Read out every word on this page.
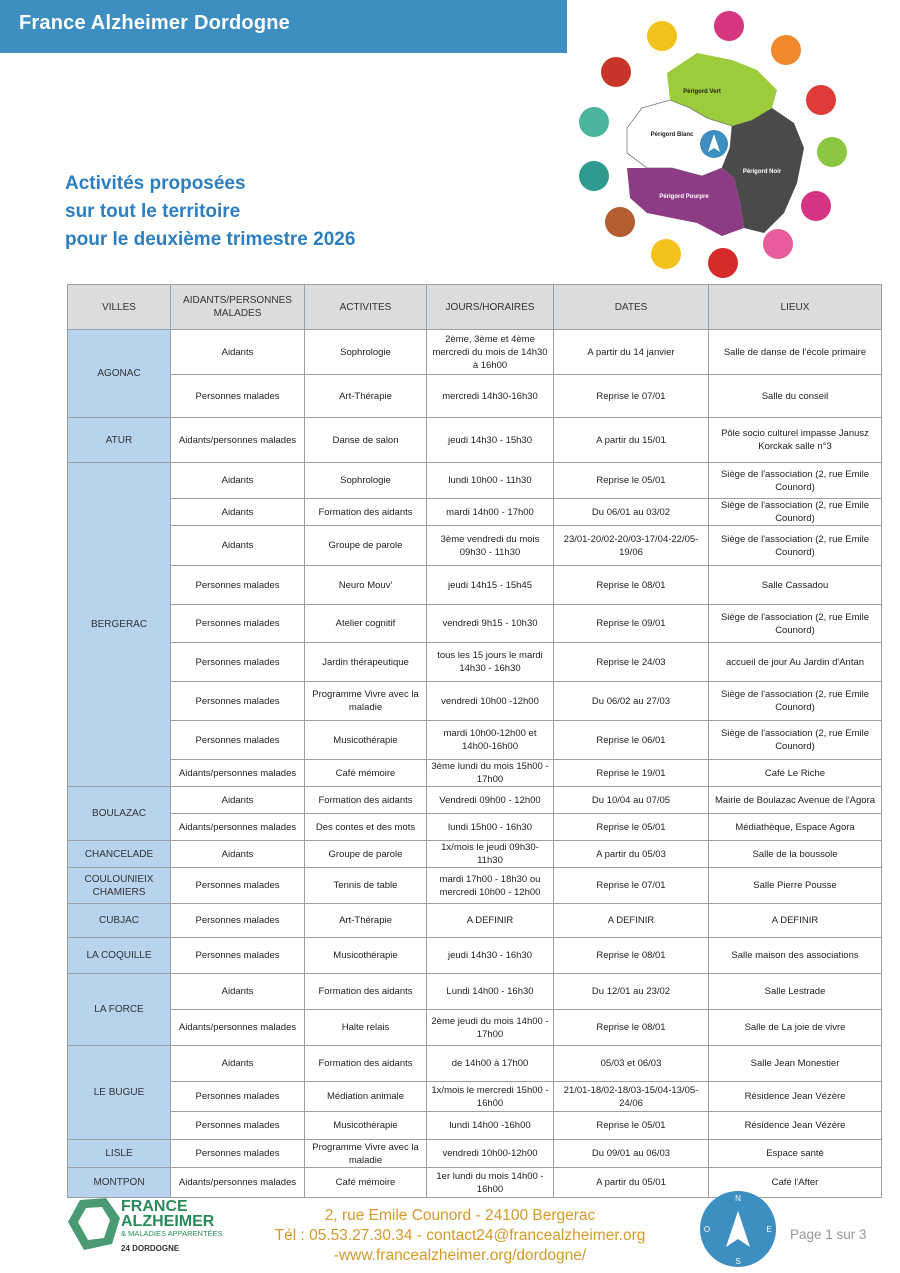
France Alzheimer Dordogne
Activités proposées
sur tout le territoire
pour le deuxième trimestre 2026
Périgord Vert
Périgord Blanc
Périgord Noir
Périgord Pourpre
VILLES	AIDANTS/PERSONNES MALADES	ACTIVITES	JOURS/HORAIRES	DATES	LIEUX
AGONAC	Aidants	Sophrologie	2ème, 3ème et 4ème mercredi du mois de 14h30 à 16h00	A partir du 14 janvier	Salle de danse de l'école primaire
	Personnes malades	Art-Thérapie	mercredi 14h30-16h30	Reprise le 07/01	Salle du conseil
ATUR	Aidants/personnes malades	Danse de salon	jeudi 14h30 - 15h30	A partir du 15/01	Pôle socio culturel impasse Janusz Korckak salle n°3
BERGERAC	Aidants	Sophrologie	lundi 10h00 - 11h30	Reprise le 05/01	Siège de l'association (2, rue Emile Counord)
	Aidants	Formation des aidants	mardi 14h00 - 17h00	Du 06/01 au 03/02	Siège de l'association (2, rue Emile Counord)
	Aidants	Groupe de parole	3ème vendredi du mois 09h30 - 11h30	23/01-20/02-20/03-17/04-22/05-19/06	Siège de l'association (2, rue Emile Counord)
	Personnes malades	Neuro Mouv'	jeudi 14h15 - 15h45	Reprise le 08/01	Salle Cassadou
	Personnes malades	Atelier cognitif	vendredi 9h15 - 10h30	Reprise le 09/01	Siège de l'association (2, rue Emile Counord)
	Personnes malades	Jardin thérapeutique	tous les 15 jours le mardi 14h30 - 16h30	Reprise le 24/03	accueil de jour Au Jardin d'Antan
	Personnes malades	Programme Vivre avec la maladie	vendredi 10h00 -12h00	Du 06/02 au 27/03	Siège de l'association (2, rue Emile Counord)
	Personnes malades	Musicothérapie	mardi 10h00-12h00 et 14h00-16h00	Reprise le 06/01	Siège de l'association (2, rue Emile Counord)
	Aidants/personnes malades	Café mémoire	3ème lundi du mois 15h00 - 17h00	Reprise le 19/01	Café Le Riche
BOULAZAC	Aidants	Formation des aidants	Vendredi 09h00 - 12h00	Du 10/04 au 07/05	Mairie de Boulazac Avenue de l'Agora
	Aidants/personnes malades	Des contes et des mots	lundi 15h00 - 16h30	Reprise le 05/01	Médiathèque, Espace Agora
CHANCELADE	Aidants	Groupe de parole	1x/mois le jeudi 09h30-11h30	A partir du 05/03	Salle de la boussole
COULOUNIEIX CHAMIERS	Personnes malades	Tennis de table	mardi 17h00 - 18h30 ou mercredi 10h00 - 12h00	Reprise le 07/01	Salle Pierre Pousse
CUBJAC	Personnes malades	Art-Thérapie	A DEFINIR	A DEFINIR	A DEFINIR
LA COQUILLE	Personnes malades	Musicothérapie	jeudi 14h30 - 16h30	Reprise le 08/01	Salle maison des associations
LA FORCE	Aidants	Formation des aidants	Lundi 14h00 - 16h30	Du 12/01 au 23/02	Salle Lestrade
	Aidants/personnes malades	Halte relais	2ème jeudi du mois 14h00 - 17h00	Reprise le 08/01	Salle de La joie de vivre
LE BUGUE	Aidants	Formation des aidants	de 14h00 à 17h00	05/03 et 06/03	Salle Jean Monestier
	Personnes malades	Médiation animale	1x/mois le mercredi 15h00 - 16h00	21/01-18/02-18/03-15/04-13/05-24/06	Résidence Jean Vézère
	Personnes malades	Musicothérapie	lundi 14h00 -16h00	Reprise le 05/01	Résidence Jean Vézère
LISLE	Personnes malades	Programme Vivre avec la maladie	vendredi 10h00-12h00	Du 09/01 au 06/03	Espace santé
MONTPON	Aidants/personnes malades	Café mémoire	1er lundi du mois 14h00 - 16h00	A partir du 05/01	Café l'After
FRANCE
ALZHEIMER
& MALADIES APPARENTÉES
24 DORDOGNE
2, rue Emile Counord - 24100 Bergerac
Tél : 05.53.27.30.34 - contact24@francealzheimer.org
-www.francealzheimer.org/dordogne/
N
E
S
O	Page 1 sur 3
